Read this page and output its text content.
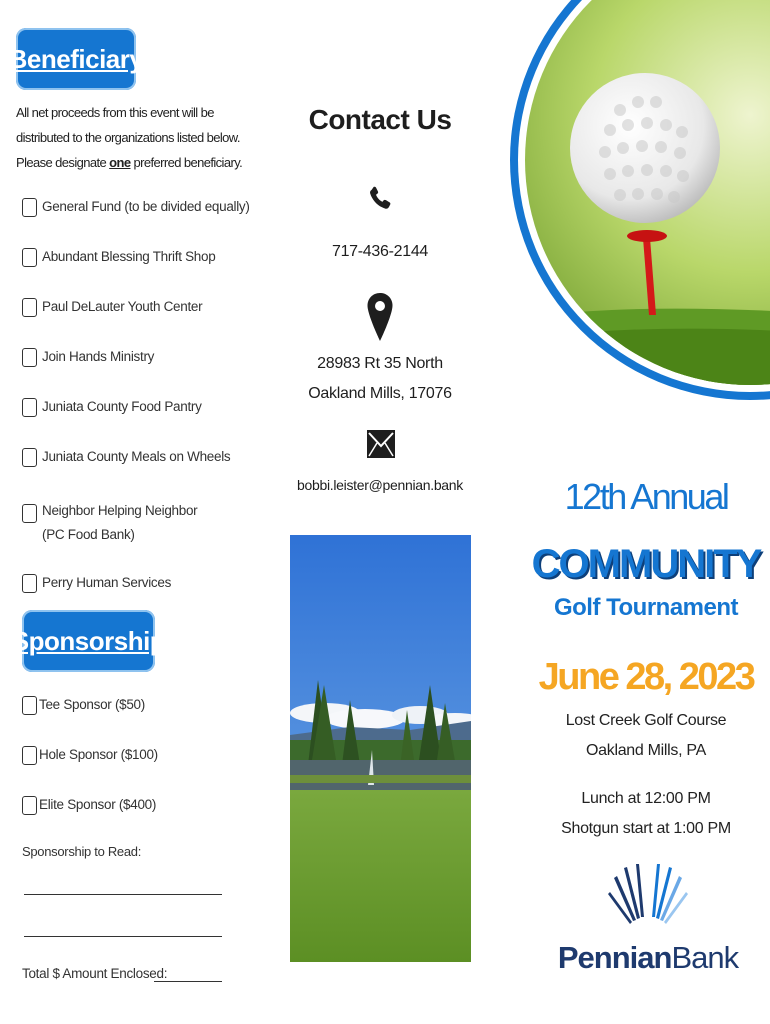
Beneficiary
All net proceeds from this event will be
distributed to the organizations listed below.
Please designate one preferred beneficiary.
General Fund (to be divided equally)
Abundant Blessing Thrift Shop
Paul DeLauter Youth Center
Join Hands Ministry
Juniata County Food Pantry
Juniata County Meals on Wheels
Neighbor Helping Neighbor
(PC Food Bank)
Perry Human Services
Sponsorship
Tee Sponsor ($50)
Hole Sponsor ($100)
Elite Sponsor ($400)
Sponsorship to Read:
Total $ Amount Enclosed:
Contact Us
717-436-2144
28983 Rt 35 North
Oakland Mills, 17076
bobbi.leister@pennian.bank	12th Annual
COMMUNITY
Golf Tournament
June 28, 2023
Lost Creek Golf Course
Oakland Mills, PA
Lunch at 12:00 PM
Shotgun start at 1:00 PM
PennianBank
